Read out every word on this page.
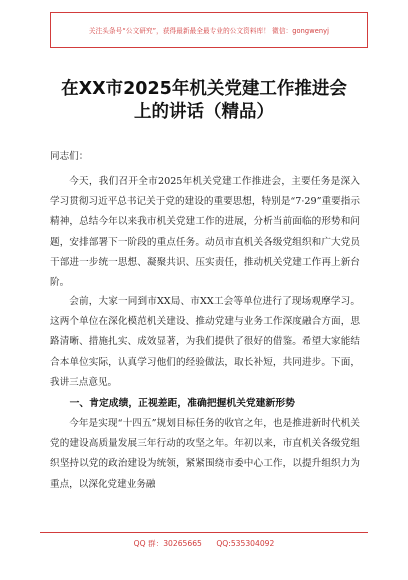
关注头条号“公文研究”，获得最新最全最专业的公文资料库！ 微信：gongwenyj
在XX市2025年机关党建工作推进会
上的讲话（精品）
同志们：

今天，我们召开全市2025年机关党建工作推进会，主要任务是深入学习贯彻习近平总书记关于党的建设的重要思想，特别是“7·29”重要指示精神，总结今年以来我市机关党建工作的进展，分析当前面临的形势和问题，安排部署下一阶段的重点任务。动员市直机关各级党组织和广大党员干部进一步统一思想、凝聚共识、压实责任，推动机关党建工作再上新台阶。

会前，大家一同到市XX局、市XX工会等单位进行了现场观摩学习。这两个单位在深化模范机关建设、推动党建与业务工作深度融合方面，思路清晰、措施扎实、成效显著，为我们提供了很好的借鉴。希望大家能结合本单位实际，认真学习他们的经验做法，取长补短，共同进步。下面，我讲三点意见。

一、肯定成绩，正视差距，准确把握机关党建新形势

今年是实现“十四五”规划目标任务的收官之年，也是推进新时代机关党的建设高质量发展三年行动的攻坚之年。年初以来，市直机关各级党组织坚持以党的政治建设为统领，紧紧围绕市委中心工作，以提升组织力为重点，以深化党建业务融

QQ 群：30265665 QQ:535304092
